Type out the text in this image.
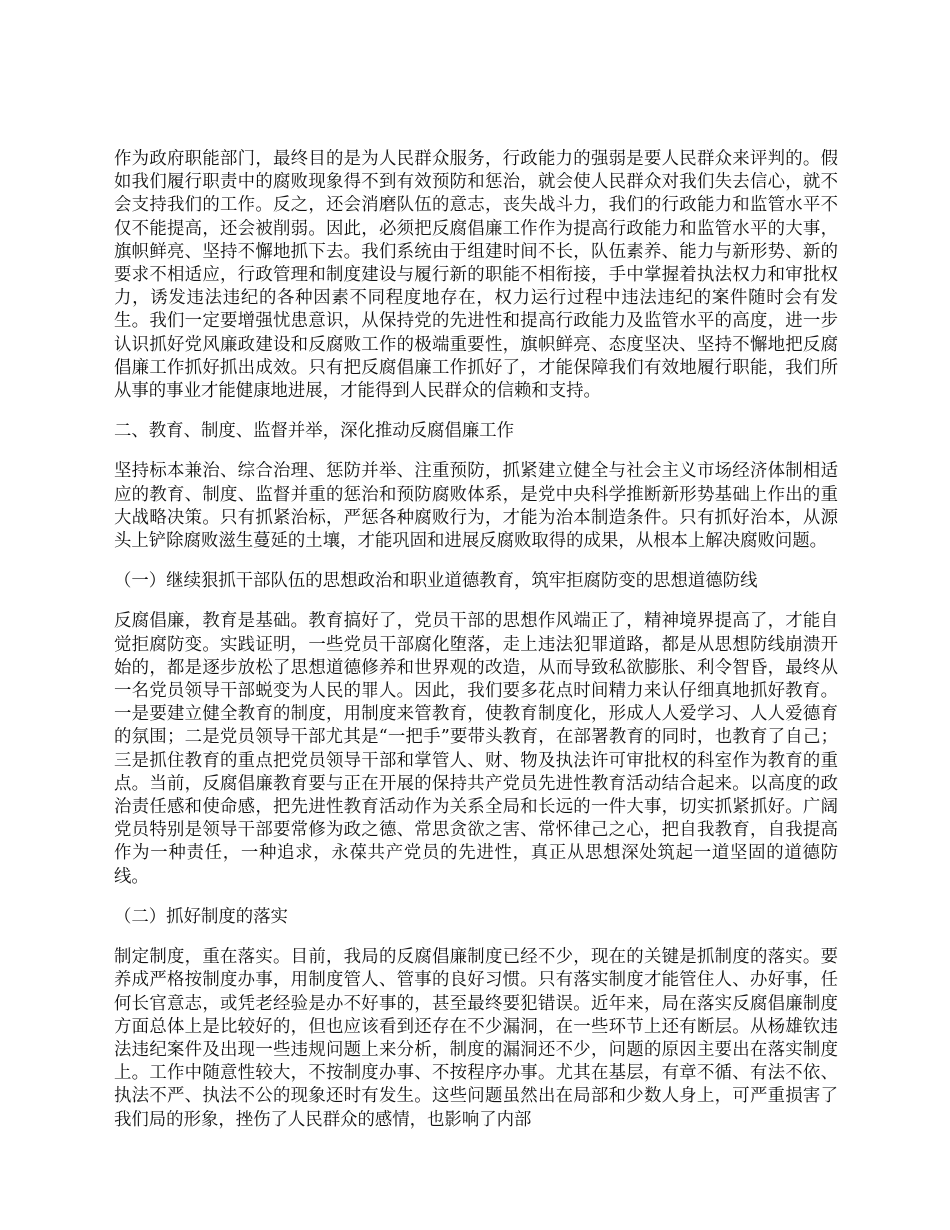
作为政府职能部门，最终目的是为人民群众服务，行政能力的强弱是要人民群众来评判的。假如我们履行职责中的腐败现象得不到有效预防和惩治，就会使人民群众对我们失去信心，就不会支持我们的工作。反之，还会消磨队伍的意志，丧失战斗力，我们的行政能力和监管水平不仅不能提高，还会被削弱。因此，必须把反腐倡廉工作作为提高行政能力和监管水平的大事，旗帜鲜亮、坚持不懈地抓下去。我们系统由于组建时间不长，队伍素养、能力与新形势、新的要求不相适应，行政管理和制度建设与履行新的职能不相衔接，手中掌握着执法权力和审批权力，诱发违法违纪的各种因素不同程度地存在，权力运行过程中违法违纪的案件随时会有发生。我们一定要增强忧患意识，从保持党的先进性和提高行政能力及监管水平的高度，进一步认识抓好党风廉政建设和反腐败工作的极端重要性，旗帜鲜亮、态度坚决、坚持不懈地把反腐倡廉工作抓好抓出成效。只有把反腐倡廉工作抓好了，才能保障我们有效地履行职能，我们所从事的事业才能健康地进展，才能得到人民群众的信赖和支持。

二、教育、制度、监督并举，深化推动反腐倡廉工作

坚持标本兼治、综合治理、惩防并举、注重预防，抓紧建立健全与社会主义市场经济体制相适应的教育、制度、监督并重的惩治和预防腐败体系，是党中央科学推断新形势基础上作出的重大战略决策。只有抓紧治标，严惩各种腐败行为，才能为治本制造条件。只有抓好治本，从源头上铲除腐败滋生蔓延的土壤，才能巩固和进展反腐败取得的成果，从根本上解决腐败问题。

（一）继续狠抓干部队伍的思想政治和职业道德教育，筑牢拒腐防变的思想道德防线

反腐倡廉，教育是基础。教育搞好了，党员干部的思想作风端正了，精神境界提高了，才能自觉拒腐防变。实践证明，一些党员干部腐化堕落，走上违法犯罪道路，都是从思想防线崩溃开始的，都是逐步放松了思想道德修养和世界观的改造，从而导致私欲膨胀、利令智昏，最终从一名党员领导干部蜕变为人民的罪人。因此，我们要多花点时间精力来认仔细真地抓好教育。一是要建立健全教育的制度，用制度来管教育，使教育制度化，形成人人爱学习、人人爱德育的氛围；二是党员领导干部尤其是“一把手”要带头教育，在部署教育的同时，也教育了自己；三是抓住教育的重点把党员领导干部和掌管人、财、物及执法许可审批权的科室作为教育的重点。当前，反腐倡廉教育要与正在开展的保持共产党员先进性教育活动结合起来。以高度的政治责任感和使命感，把先进性教育活动作为关系全局和长远的一件大事，切实抓紧抓好。广阔党员特别是领导干部要常修为政之德、常思贪欲之害、常怀律己之心，把自我教育，自我提高作为一种责任，一种追求，永葆共产党员的先进性，真正从思想深处筑起一道坚固的道德防线。

（二）抓好制度的落实

制定制度，重在落实。目前，我局的反腐倡廉制度已经不少，现在的关键是抓制度的落实。要养成严格按制度办事，用制度管人、管事的良好习惯。只有落实制度才能管住人、办好事，任何长官意志，或凭老经验是办不好事的，甚至最终要犯错误。近年来，局在落实反腐倡廉制度方面总体上是比较好的，但也应该看到还存在不少漏洞，在一些环节上还有断层。从杨雄钦违法违纪案件及出现一些违规问题上来分析，制度的漏洞还不少，问题的原因主要出在落实制度上。工作中随意性较大，不按制度办事、不按程序办事。尤其在基层，有章不循、有法不依、执法不严、执法不公的现象还时有发生。这些问题虽然出在局部和少数人身上，可严重损害了我们局的形象，挫伤了人民群众的感情，也影响了内部
